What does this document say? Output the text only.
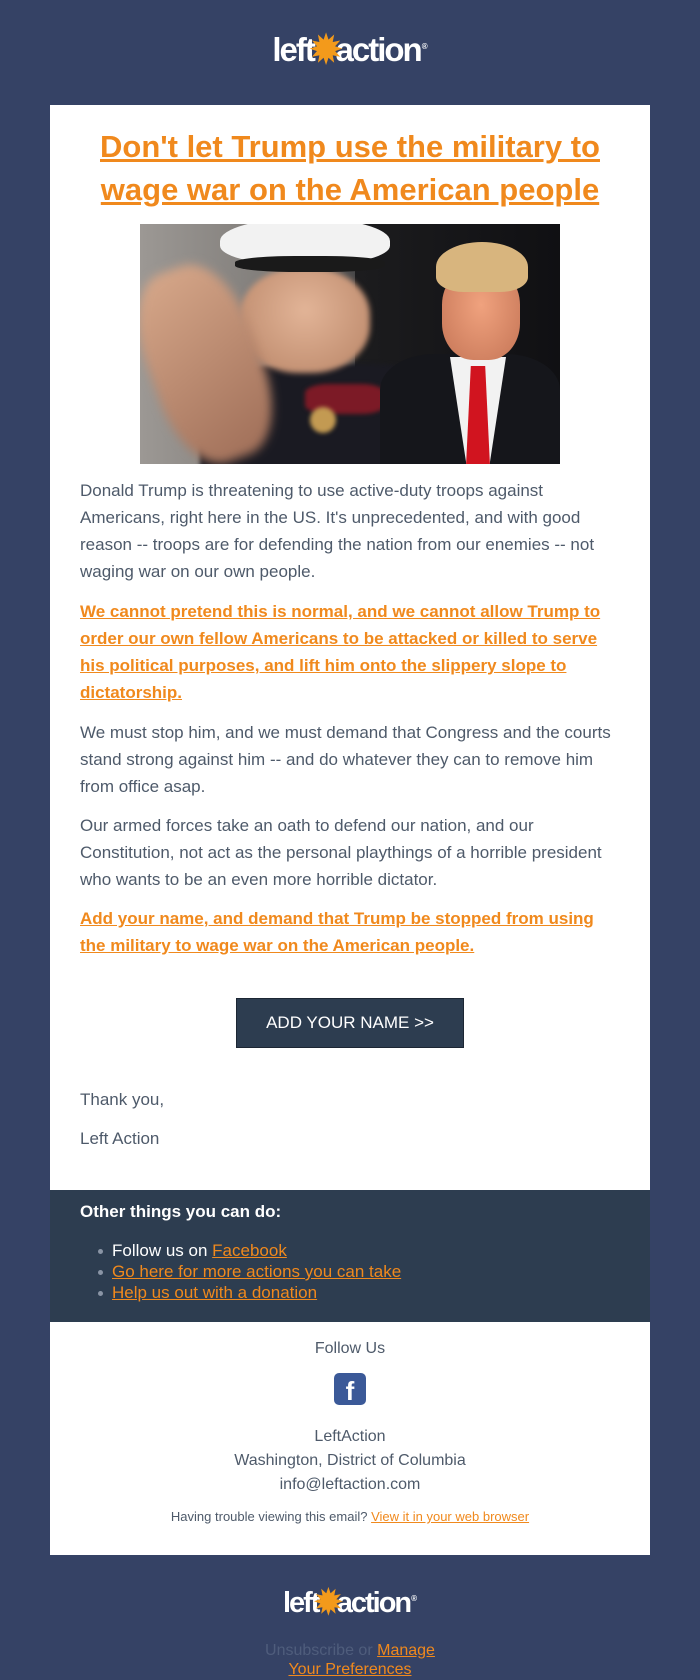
left✹action®
Don't let Trump use the military to wage war on the American people

Donald Trump is threatening to use active-duty troops against Americans, right here in the US. It's unprecedented, and with good reason -- troops are for defending the nation from our enemies -- not waging war on our own people.

We cannot pretend this is normal, and we cannot allow Trump to order our own fellow Americans to be attacked or killed to serve his political purposes, and lift him onto the slippery slope to dictatorship.

We must stop him, and we must demand that Congress and the courts stand strong against him -- and do whatever they can to remove him from office asap.

Our armed forces take an oath to defend our nation, and our Constitution, not act as the personal playthings of a horrible president who wants to be an even more horrible dictator.

Add your name, and demand that Trump be stopped from using the military to wage war on the American people.
ADD YOUR NAME >>
Thank you,
Left Action
Other things you can do:
Follow us on Facebook
Go here for more actions you can take
Help us out with a donation
Follow Us
f
LeftAction
Washington, District of Columbia
info@leftaction.com
Having trouble viewing this email? View it in your web browser
left✹action®
Unsubscribe or Manage
Your Preferences
